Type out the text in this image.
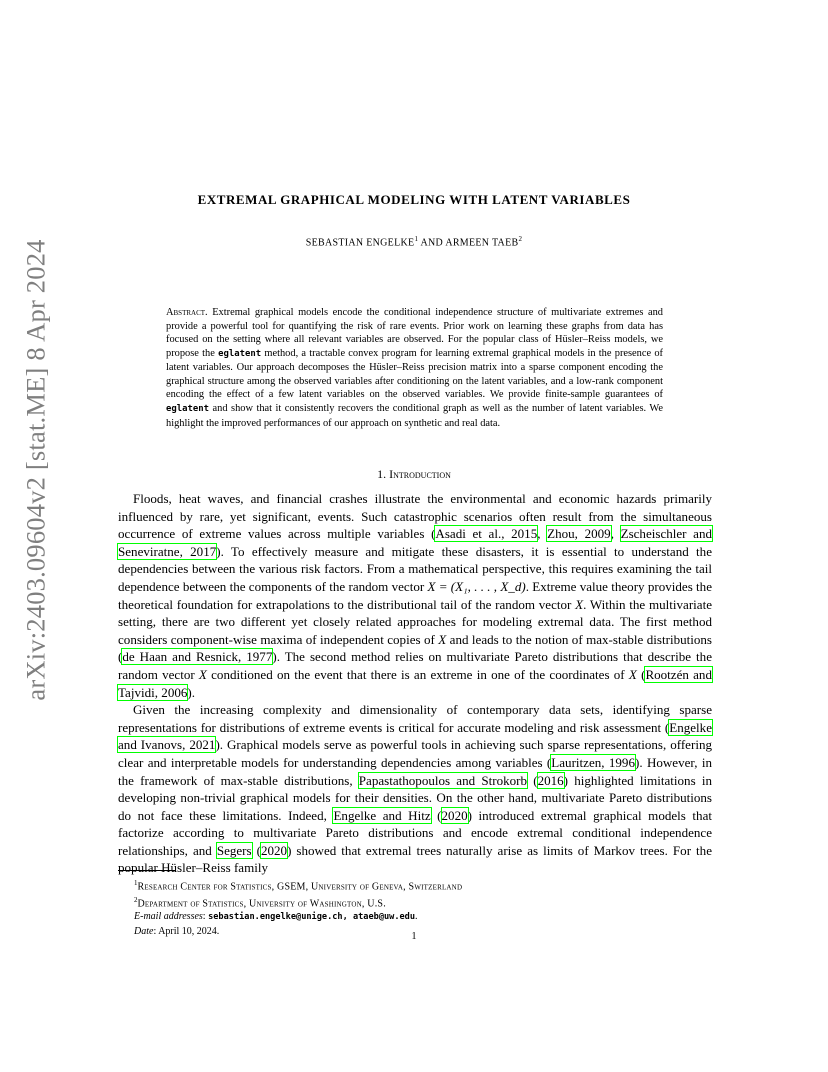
arXiv:2403.09604v2 [stat.ME] 8 Apr 2024
EXTREMAL GRAPHICAL MODELING WITH LATENT VARIABLES
SEBASTIAN ENGELKE$^1$ AND ARMEEN TAEB$^2$
Abstract. Extremal graphical models encode the conditional independence structure of multivariate extremes and provide a powerful tool for quantifying the risk of rare events. Prior work on learning these graphs from data has focused on the setting where all relevant variables are observed. For the popular class of Hüsler–Reiss models, we propose the eglatent method, a tractable convex program for learning extremal graphical models in the presence of latent variables. Our approach decomposes the Hüsler–Reiss precision matrix into a sparse component encoding the graphical structure among the observed variables after conditioning on the latent variables, and a low-rank component encoding the effect of a few latent variables on the observed variables. We provide finite-sample guarantees of eglatent and show that it consistently recovers the conditional graph as well as the number of latent variables. We highlight the improved performances of our approach on synthetic and real data.
1. Introduction

Floods, heat waves, and financial crashes illustrate the environmental and economic hazards primarily influenced by rare, yet significant, events. Such catastrophic scenarios often result from the simultaneous occurrence of extreme values across multiple variables (Asadi et al., 2015, Zhou, 2009, Zscheischler and Seneviratne, 2017). To effectively measure and mitigate these disasters, it is essential to understand the dependencies between the various risk factors. From a mathematical perspective, this requires examining the tail dependence between the components of the random vector X = (X₁, . . . , X_d). Extreme value theory provides the theoretical foundation for extrapolations to the distributional tail of the random vector X. Within the multivariate setting, there are two different yet closely related approaches for modeling extremal data. The first method considers component-wise maxima of independent copies of X and leads to the notion of max-stable distributions (de Haan and Resnick, 1977). The second method relies on multivariate Pareto distributions that describe the random vector X conditioned on the event that there is an extreme in one of the coordinates of X (Rootzén and Tajvidi, 2006).

Given the increasing complexity and dimensionality of contemporary data sets, identifying sparse representations for distributions of extreme events is critical for accurate modeling and risk assessment (Engelke and Ivanovs, 2021). Graphical models serve as powerful tools in achieving such sparse representations, offering clear and interpretable models for understanding dependencies among variables (Lauritzen, 1996). However, in the framework of max-stable distributions, Papastathopoulos and Strokorb (2016) highlighted limitations in developing non-trivial graphical models for their densities. On the other hand, multivariate Pareto distributions do not face these limitations. Indeed, Engelke and Hitz (2020) introduced extremal graphical models that factorize according to multivariate Pareto distributions and encode extremal conditional independence relationships, and Segers (2020) showed that extremal trees naturally arise as limits of Markov trees. For the popular Hüsler–Reiss family

$^1$Research Center for Statistics, GSEM, University of Geneva, Switzerland
$^2$Department of Statistics, University of Washington, U.S.
E-mail addresses: sebastian.engelke@unige.ch, ataeb@uw.edu.
Date: April 10, 2024.	1
